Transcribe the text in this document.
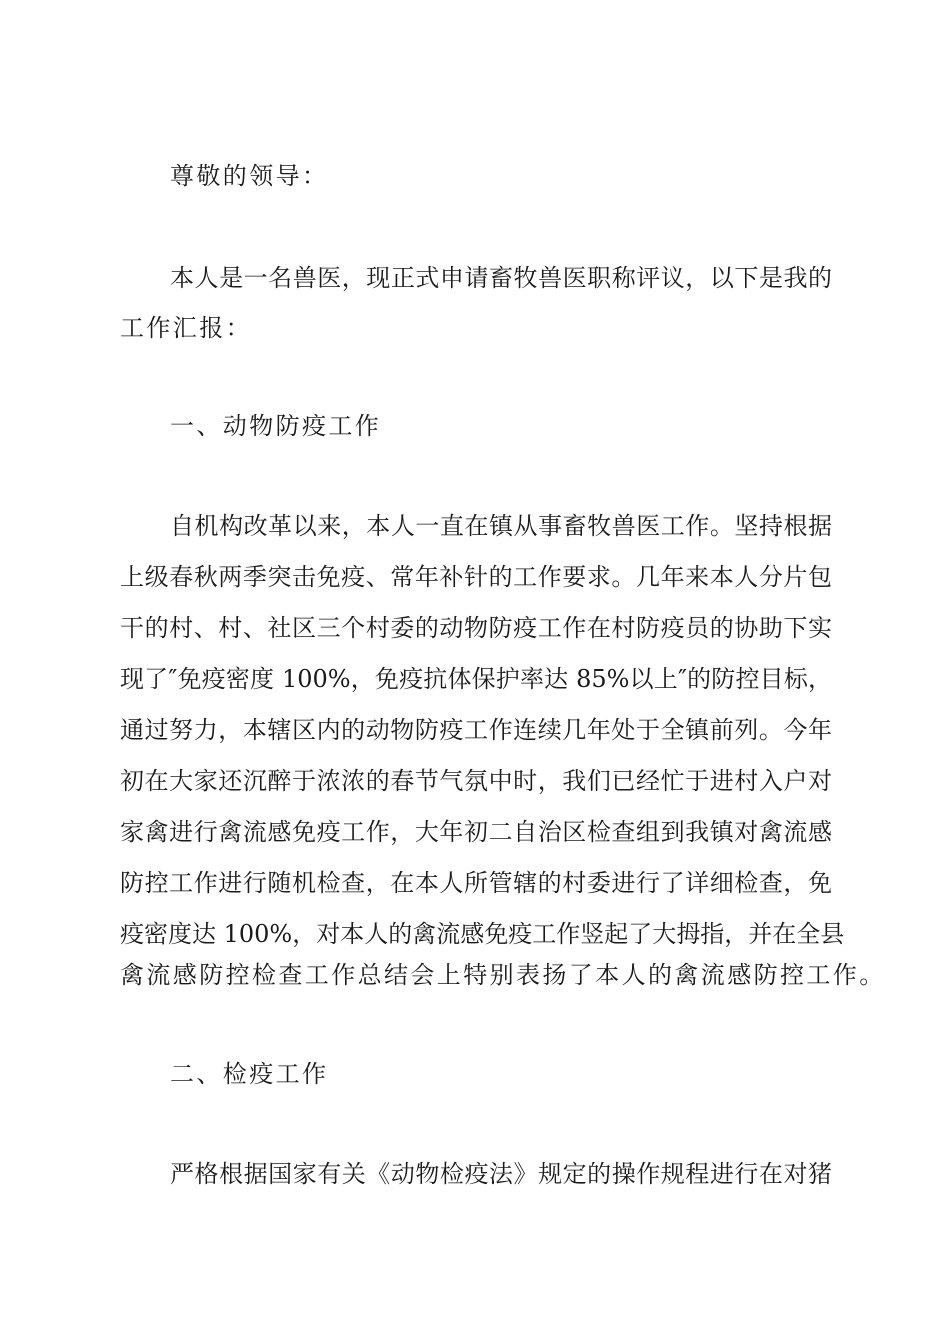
尊敬的领导：
本人是一名兽医，现正式申请畜牧兽医职称评议，以下是我的
工作汇报：
一、动物防疫工作
自机构改革以来，本人一直在镇从事畜牧兽医工作。坚持根据
上级春秋两季突击免疫、常年补针的工作要求。几年来本人分片包
干的村、村、社区三个村委的动物防疫工作在村防疫员的协助下实
现了″免疫密度 100%，免疫抗体保护率达 85%以上″的防控目标，
通过努力，本辖区内的动物防疫工作连续几年处于全镇前列。今年
初在大家还沉醉于浓浓的春节气氛中时，我们已经忙于进村入户对
家禽进行禽流感免疫工作，大年初二自治区检查组到我镇对禽流感
防控工作进行随机检查，在本人所管辖的村委进行了详细检查，免
疫密度达 100%，对本人的禽流感免疫工作竖起了大拇指，并在全县
禽流感防控检查工作总结会上特别表扬了本人的禽流感防控工作。
二、检疫工作
严格根据国家有关《动物检疫法》规定的操作规程进行在对猪
